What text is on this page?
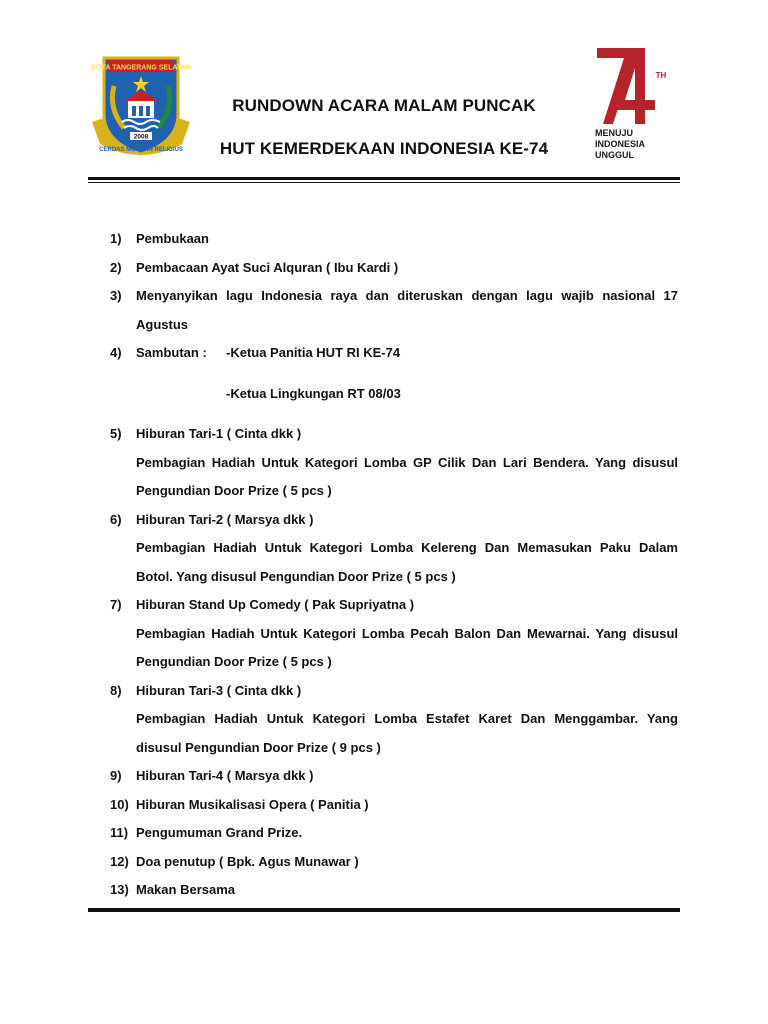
KOTA TANGERANG SELATAN
2008
CERDAS MODERN RELIGIUS
RUNDOWN ACARA MALAM PUNCAK
HUT KEMERDEKAAN INDONESIA KE-74
TH
MENUJU
INDONESIA
UNGGUL
1)	Pembukaan
2)	Pembacaan Ayat Suci Alquran ( Ibu Kardi )
3)	Menyanyikan lagu Indonesia raya dan diteruskan dengan lagu wajib nasional 17
Agustus
4)	Sambutan :	-Ketua Panitia HUT RI KE-74
-Ketua Lingkungan RT 08/03
5)	Hiburan Tari-1 ( Cinta dkk )
Pembagian Hadiah Untuk Kategori Lomba GP Cilik Dan Lari Bendera. Yang disusul
Pengundian Door Prize ( 5 pcs )
6)	Hiburan Tari-2 ( Marsya dkk )
Pembagian Hadiah Untuk Kategori Lomba Kelereng Dan Memasukan Paku Dalam
Botol. Yang disusul Pengundian Door Prize ( 5 pcs )
7)	Hiburan Stand Up Comedy ( Pak Supriyatna )
Pembagian Hadiah Untuk Kategori Lomba Pecah Balon Dan Mewarnai. Yang disusul
Pengundian Door Prize ( 5 pcs )
8)	Hiburan Tari-3 ( Cinta dkk )
Pembagian Hadiah Untuk Kategori Lomba Estafet Karet Dan Menggambar. Yang
disusul Pengundian Door Prize ( 9 pcs )
9)	Hiburan Tari-4 ( Marsya dkk )
10) Hiburan Musikalisasi Opera ( Panitia )
11) Pengumuman Grand Prize.
12) Doa penutup ( Bpk. Agus Munawar )
13) Makan Bersama
